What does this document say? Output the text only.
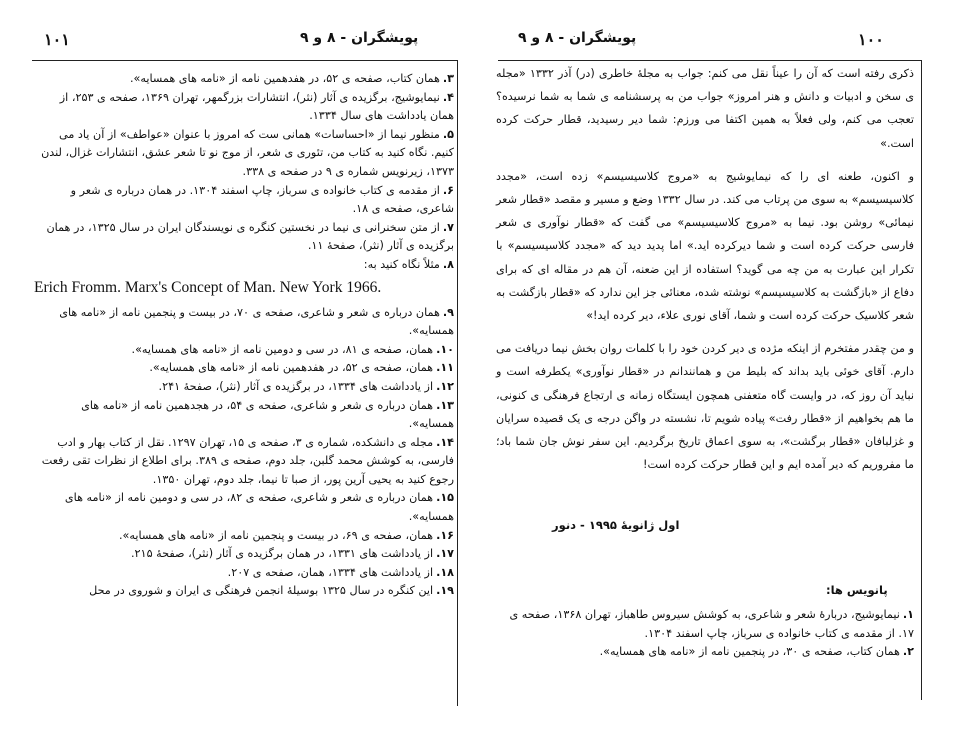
۱۰۱	پویشگران - ۸ و ۹

۳.همان کتاب، صفحه ی ۵۲، در هفدهمین نامه از «نامه های همسایه».

۴.نیمایوشیج، برگزیده ی آثار (نثر)، انتشارات بزرگمهر، تهران ۱۳۶۹، صفحه ی ۲۵۳، از همان یادداشت های سال ۱۳۳۴.

۵.منظور نیما از «احساسات» همانی ست که امروز با عنوان «عواطف» از آن یاد می کنیم. نگاه کنید به کتاب من، تئوری ی شعر، از موج نو تا شعر عشق، انتشارات غزال، لندن ۱۳۷۳، زیرنویس شماره ی ۹ در صفحه ی ۳۳۸.

۶.از مقدمه ی کتاب خانواده ی سرباز، چاپ اسفند ۱۳۰۴. در همان درباره ی شعر و شاعری، صفحه ی ۱۸.

۷.از متن سخنرانی ی نیما در نخستین کنگره ی نویسندگان ایران در سال ۱۳۲۵، در همان برگزیده ی آثار (نثر)، صفحهٔ ۱۱.

۸.مثلاً نگاه کنید به:

Erich Fromm. Marx's Concept of Man. New York 1966.

۹.همان درباره ی شعر و شاعری، صفحه ی ۷۰، در بیست و پنجمین نامه از «نامه های همسایه».

۱۰.همان، صفحه ی ۸۱، در سی و دومین نامه از «نامه های همسایه».

۱۱.همان، صفحه ی ۵۲، در هفدهمین نامه از «نامه های همسایه».

۱۲.از یادداشت های ۱۳۳۴، در برگزیده ی آثار (نثر)، صفحهٔ ۲۴۱.

۱۳.همان درباره ی شعر و شاعری، صفحه ی ۵۴، در هجدهمین نامه از «نامه های همسایه».

۱۴.مجله ی دانشکده، شماره ی ۳، صفحه ی ۱۵، تهران ۱۲۹۷. نقل از کتاب بهار و ادب فارسی، به کوشش محمد گلبن، جلد دوم، صفحه ی ۳۸۹. برای اطلاع از نظرات تقی رفعت رجوع کنید به یحیی آرین پور، از صبا تا نیما، جلد دوم، تهران ۱۳۵۰.

۱۵.همان درباره ی شعر و شاعری، صفحه ی ۸۲، در سی و دومین نامه از «نامه های همسایه».

۱۶.همان، صفحه ی ۶۹، در بیست و پنجمین نامه از «نامه های همسایه».

۱۷.از یادداشت های ۱۳۳۱، در همان برگزیده ی آثار (نثر)، صفحهٔ ۲۱۵.

۱۸.از یادداشت های ۱۳۳۴، همان، صفحه ی ۲۰۷.

۱۹.این کنگره در سال ۱۳۲۵ بوسیلهٔ انجمن فرهنگی ی ایران و شوروی در محل

۱۰۰
پویشگران - ۸ و ۹

ذکری رفته است که آن را عیناً نقل می کنم: جواب به مجلهٔ خاطری (در) آذر ۱۳۳۲ «مجله ی سخن و ادبیات و دانش و هنر امروز» جواب من به پرسشنامه ی شما به شما نرسیده؟ تعجب می کنم، ولی فعلاً به همین اکتفا می ورزم: شما دیر رسیدید، قطار حرکت کرده است.»

و اکنون، طعنه ای را که نیمایوشیج به «مروج کلاسیسیسم» زده است، «مجدد کلاسیسیسم» به سوی من پرتاب می کند. در سال ۱۳۳۲ وضع و مسیر و مقصد «قطار شعر نیمائی» روشن بود. نیما به «مروج کلاسیسیسم» می گفت که «قطار نوآوری ی شعر فارسی حرکت کرده است و شما دیرکرده اید.» اما پدید دید که «مجدد کلاسیسیسم» با تکرار این عبارت به من چه می گوید؟ استفاده از این ضعنه، آن هم در مقاله ای که برای دفاع از «بازگشت به کلاسیسیسم» نوشته شده، معنائی جز این ندارد که «قطار بازگشت به شعر کلاسیک حرکت کرده است و شما، آقای نوری علاء، دیر کرده اید!»

و من چقدر مفتخرم از اینکه مژده ی دیر کردن خود را با کلمات روان بخش نیما دریافت می دارم. آقای خوئی باید بداند که بلیط من و همانندانم در «قطار نوآوری» یکطرفه است و نباید آن روز که، در وایست گاه متعفنی همچون ایستگاه زمانه ی ارتجاع فرهنگی ی کنونی، ما هم بخواهیم از «قطار رفت» پیاده شویم تا، نشسته در واگن درجه ی یک قصیده سرایان و غزلبافان «قطار برگشت»، به سوی اعماق تاریخ برگردیم. این سفر نوش جان شما باد؛ ما مفروریم که دیر آمده ایم و این قطار حرکت کرده است!

اول ژانویهٔ ۱۹۹۵ - دنور
پانویس ها:

۱.نیمایوشیج، دربارهٔ شعر و شاعری، به کوشش سیروس طاهباز، تهران ۱۳۶۸، صفحه ی ۱۷. از مقدمه ی کتاب خانواده ی سرباز، چاپ اسفند ۱۳۰۴.

۲.همان کتاب، صفحه ی ۳۰، در پنجمین نامه از «نامه های همسایه».
